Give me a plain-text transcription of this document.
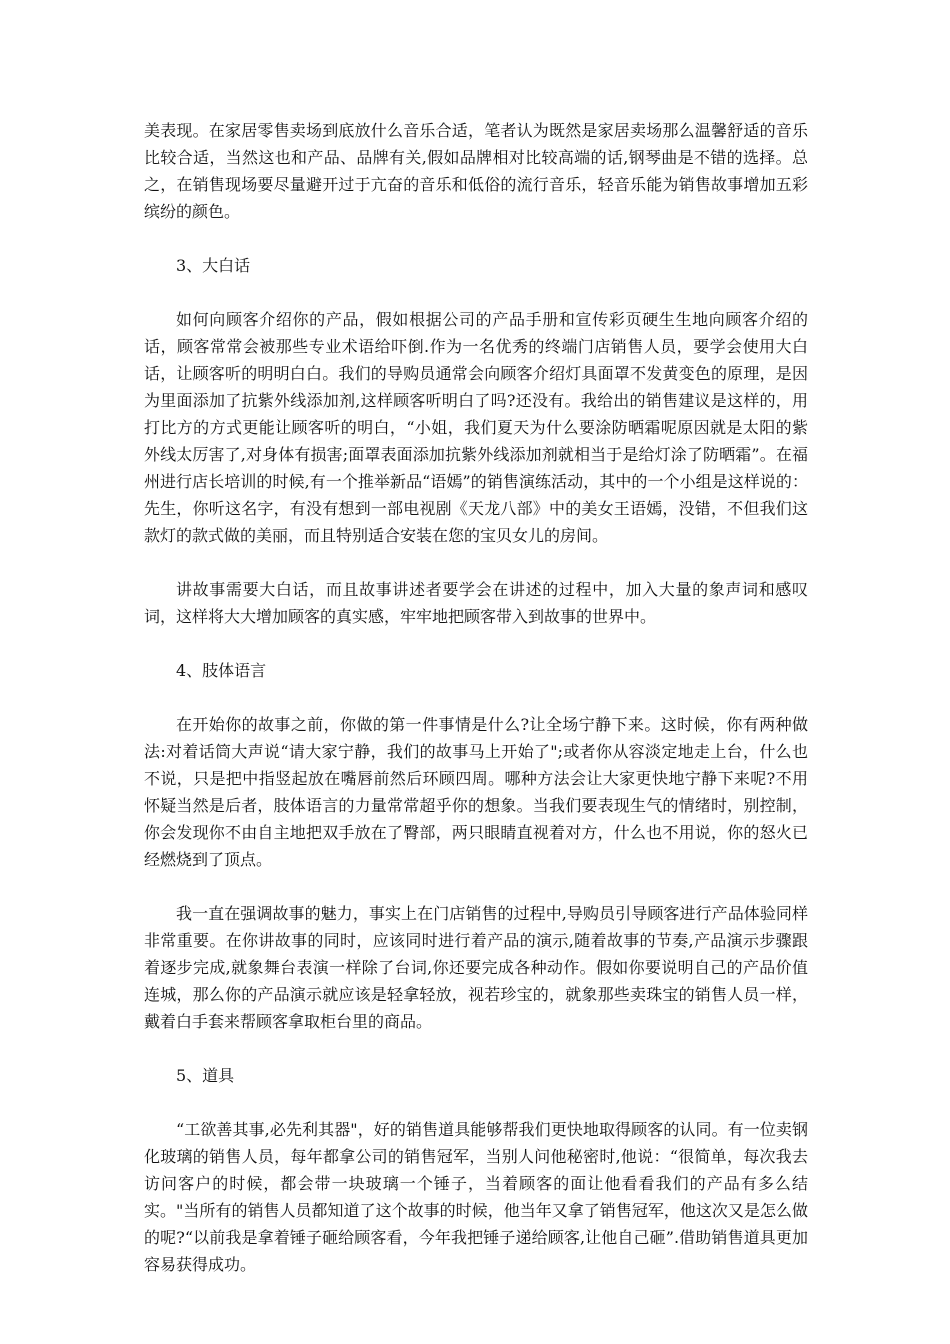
美表现。在家居零售卖场到底放什么音乐合适，笔者认为既然是家居卖场那么温馨舒适的音乐比较合适，当然这也和产品、品牌有关,假如品牌相对比较高端的话,钢琴曲是不错的选择。总之，在销售现场要尽量避开过于亢奋的音乐和低俗的流行音乐，轻音乐能为销售故事增加五彩缤纷的颜色。

3、大白话

如何向顾客介绍你的产品，假如根据公司的产品手册和宣传彩页硬生生地向顾客介绍的话，顾客常常会被那些专业术语给吓倒.作为一名优秀的终端门店销售人员，要学会使用大白话，让顾客听的明明白白。我们的导购员通常会向顾客介绍灯具面罩不发黄变色的原理，是因为里面添加了抗紫外线添加剂,这样顾客听明白了吗?还没有。我给出的销售建议是这样的，用打比方的方式更能让顾客听的明白，“小姐，我们夏天为什么要涂防晒霜呢原因就是太阳的紫外线太厉害了,对身体有损害;面罩表面添加抗紫外线添加剂就相当于是给灯涂了防晒霜”。在福州进行店长培训的时候,有一个推举新品“语嫣”的销售演练活动，其中的一个小组是这样说的：先生，你听这名字，有没有想到一部电视剧《天龙八部》中的美女王语嫣，没错，不但我们这款灯的款式做的美丽，而且特别适合安装在您的宝贝女儿的房间。

讲故事需要大白话，而且故事讲述者要学会在讲述的过程中，加入大量的象声词和感叹词，这样将大大增加顾客的真实感，牢牢地把顾客带入到故事的世界中。

4、肢体语言

在开始你的故事之前，你做的第一件事情是什么?让全场宁静下来。这时候，你有两种做法:对着话筒大声说“请大家宁静，我们的故事马上开始了";或者你从容淡定地走上台，什么也不说，只是把中指竖起放在嘴唇前然后环顾四周。哪种方法会让大家更快地宁静下来呢?不用怀疑当然是后者，肢体语言的力量常常超乎你的想象。当我们要表现生气的情绪时，别控制，你会发现你不由自主地把双手放在了臀部，两只眼睛直视着对方，什么也不用说，你的怒火已经燃烧到了顶点。

我一直在强调故事的魅力，事实上在门店销售的过程中,导购员引导顾客进行产品体验同样非常重要。在你讲故事的同时，应该同时进行着产品的演示,随着故事的节奏,产品演示步骤跟着逐步完成,就象舞台表演一样除了台词,你还要完成各种动作。假如你要说明自己的产品价值连城，那么你的产品演示就应该是轻拿轻放，视若珍宝的，就象那些卖珠宝的销售人员一样，戴着白手套来帮顾客拿取柜台里的商品。

5、道具

“工欲善其事,必先利其器"，好的销售道具能够帮我们更快地取得顾客的认同。有一位卖钢化玻璃的销售人员，每年都拿公司的销售冠军，当别人问他秘密时,他说：“很简单，每次我去访问客户的时候，都会带一块玻璃一个锤子，当着顾客的面让他看看我们的产品有多么结实。"当所有的销售人员都知道了这个故事的时候，他当年又拿了销售冠军，他这次又是怎么做的呢?“以前我是拿着锤子砸给顾客看，今年我把锤子递给顾客,让他自己砸”.借助销售道具更加容易获得成功。
